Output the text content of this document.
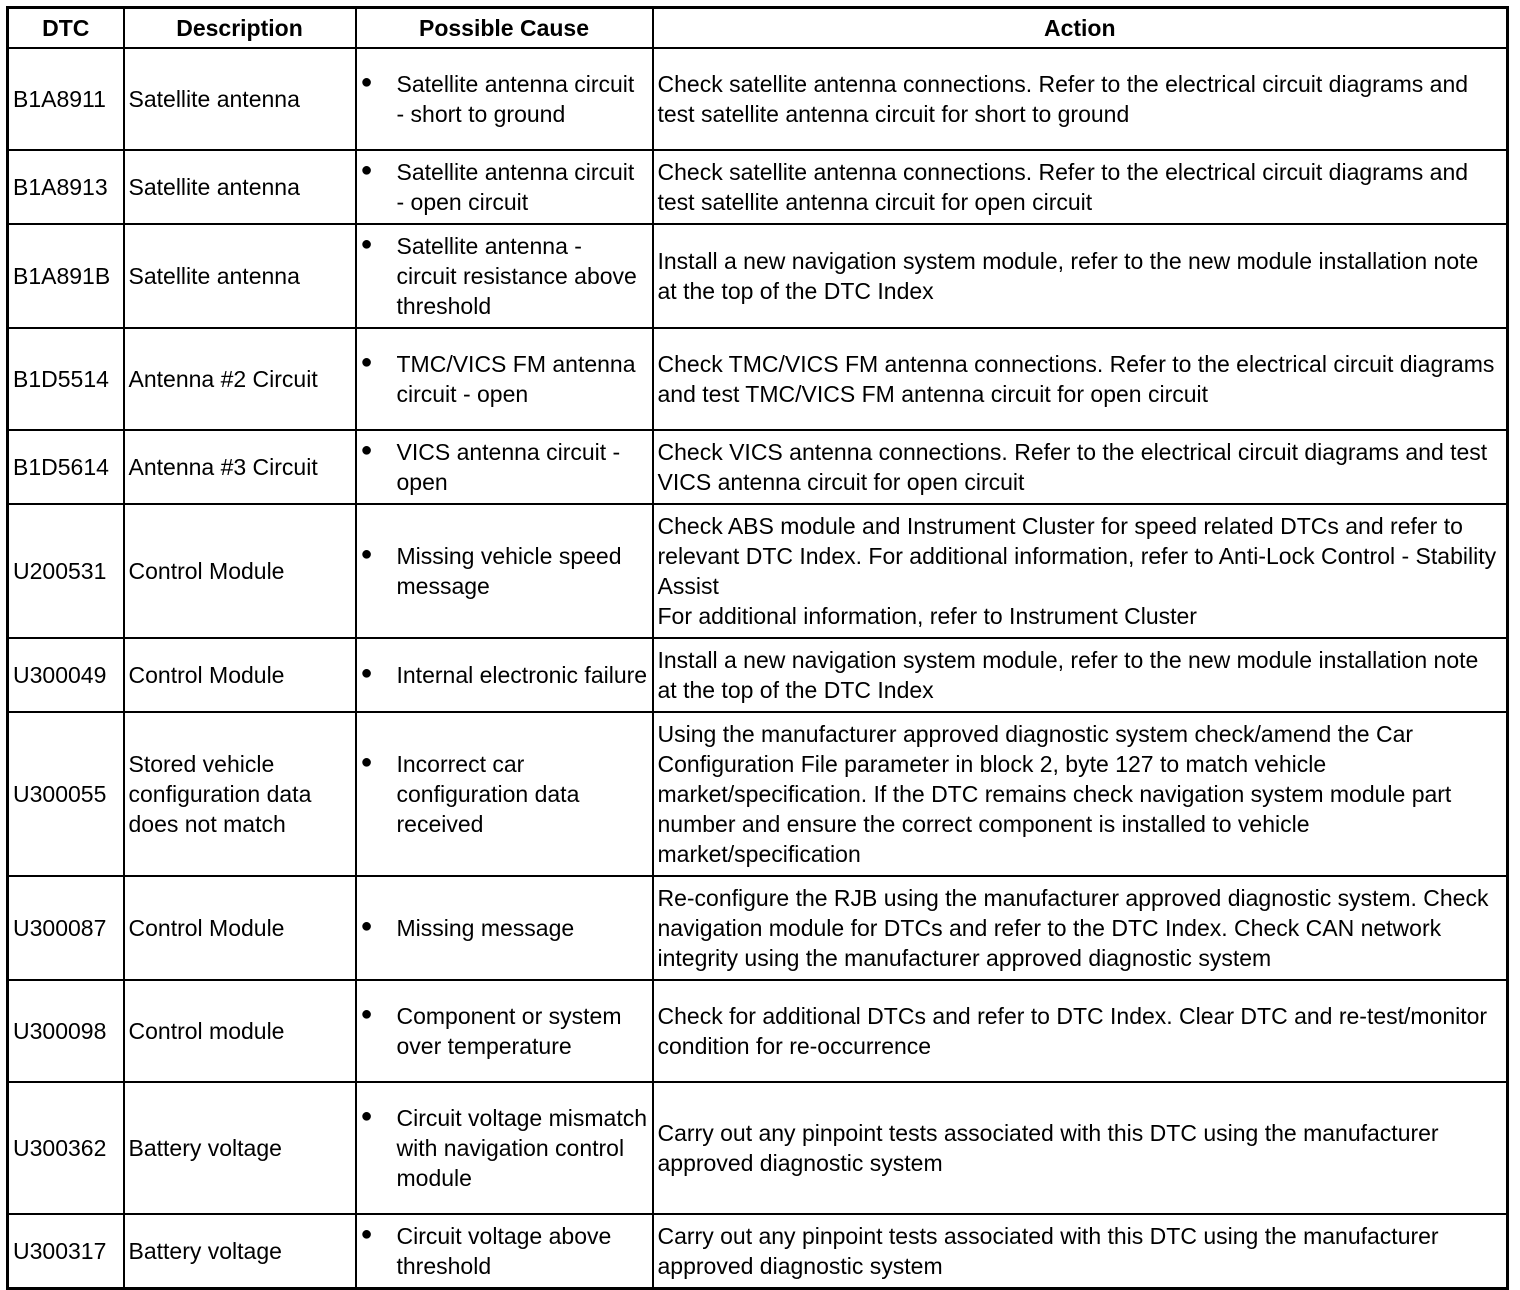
DTC	Description	Possible Cause	Action
B1A8911	Satellite antenna	● Satellite antenna circuit - short to ground	Check satellite antenna connections. Refer to the electrical circuit diagrams and test satellite antenna circuit for short to ground

B1A8913	Satellite antenna	● Satellite antenna circuit - open circuit	Check satellite antenna connections. Refer to the electrical circuit diagrams and test satellite antenna circuit for open circuit

B1A891B	Satellite antenna	● Satellite antenna - circuit resistance above threshold	Install a new navigation system module, refer to the new module installation note at the top of the DTC Index

B1D5514	Antenna #2 Circuit	● TMC/VICS FM antenna circuit - open	Check TMC/VICS FM antenna connections. Refer to the electrical circuit diagrams and test TMC/VICS FM antenna circuit for open circuit

B1D5614	Antenna #3 Circuit	● VICS antenna circuit - open	Check VICS antenna connections. Refer to the electrical circuit diagrams and test VICS antenna circuit for open circuit

U200531	Control Module	● Missing vehicle speed message	Check ABS module and Instrument Cluster for speed related DTCs and refer to relevant DTC Index. For additional information, refer to Anti-Lock Control - Stability Assist
For additional information, refer to Instrument Cluster

U300049	Control Module	● Internal electronic failure	Install a new navigation system module, refer to the new module installation note at the top of the DTC Index

U300055	Stored vehicle configuration data does not match	● Incorrect car configuration data received	Using the manufacturer approved diagnostic system check/amend the Car Configuration File parameter in block 2, byte 127 to match vehicle market/specification. If the DTC remains check navigation system module part number and ensure the correct component is installed to vehicle market/specification

U300087	Control Module	● Missing message	Re-configure the RJB using the manufacturer approved diagnostic system. Check navigation module for DTCs and refer to the DTC Index. Check CAN network integrity using the manufacturer approved diagnostic system

U300098	Control module	● Component or system over temperature	Check for additional DTCs and refer to DTC Index. Clear DTC and re-test/monitor condition for re-occurrence

U300362	Battery voltage	● Circuit voltage mismatch with navigation control module	Carry out any pinpoint tests associated with this DTC using the manufacturer approved diagnostic system

U300317	Battery voltage	● Circuit voltage above threshold	Carry out any pinpoint tests associated with this DTC using the manufacturer approved diagnostic system
